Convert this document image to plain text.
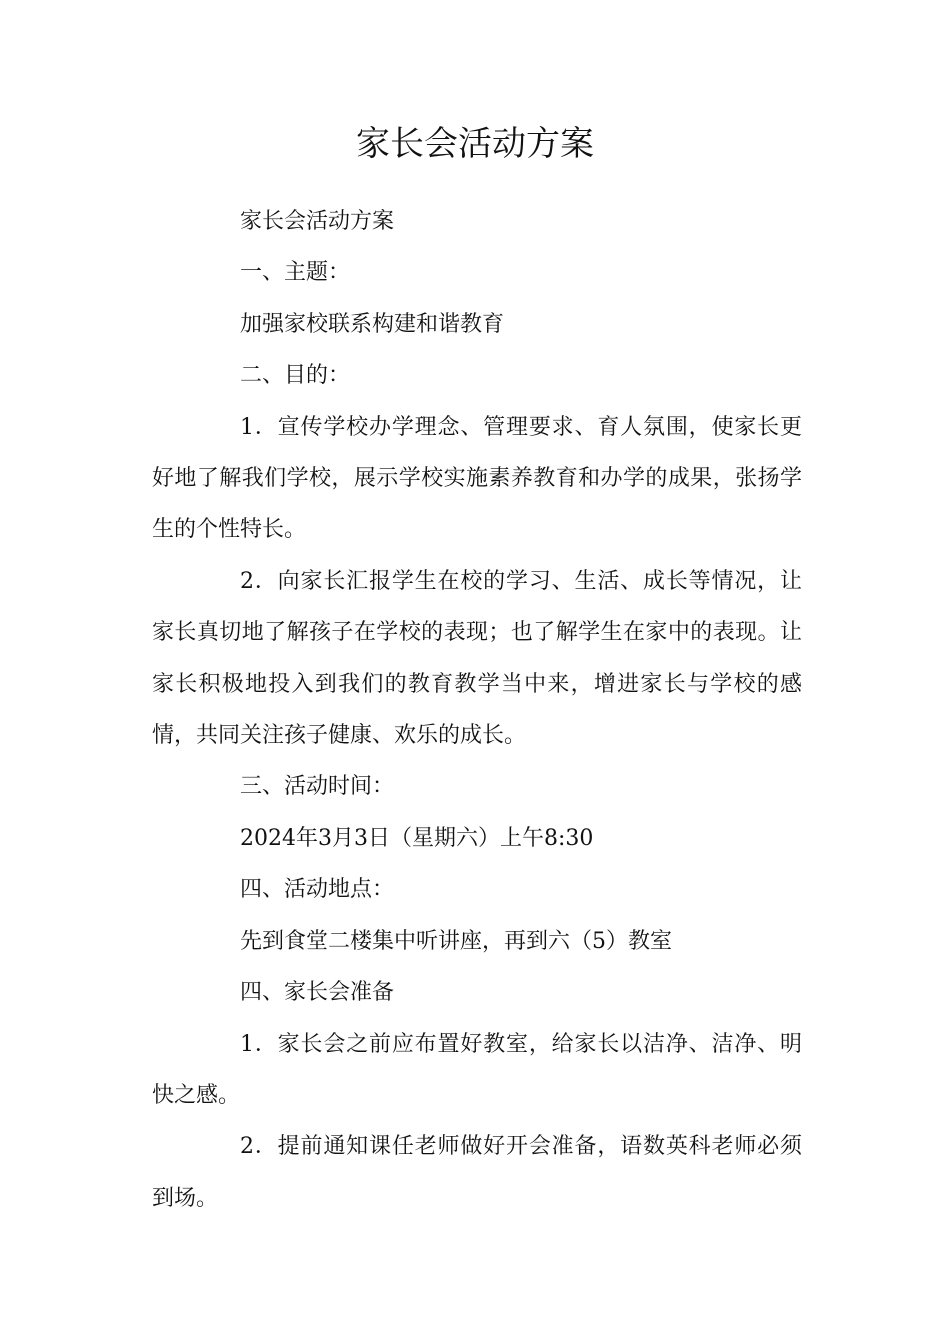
家长会活动方案

家长会活动方案

一、主题：

加强家校联系构建和谐教育

二、目的：

1．宣传学校办学理念、管理要求、育人氛围，使家长更好地了解我们学校，展示学校实施素养教育和办学的成果，张扬学生的个性特长。

2．向家长汇报学生在校的学习、生活、成长等情况，让家长真切地了解孩子在学校的表现；也了解学生在家中的表现。让家长积极地投入到我们的教育教学当中来，增进家长与学校的感情，共同关注孩子健康、欢乐的成长。

三、活动时间：

2024年3月3日（星期六）上午8:30

四、活动地点：

先到食堂二楼集中听讲座，再到六（5）教室

四、家长会准备

1．家长会之前应布置好教室，给家长以洁净、洁净、明快之感。

2．提前通知课任老师做好开会准备，语数英科老师必须到场。
